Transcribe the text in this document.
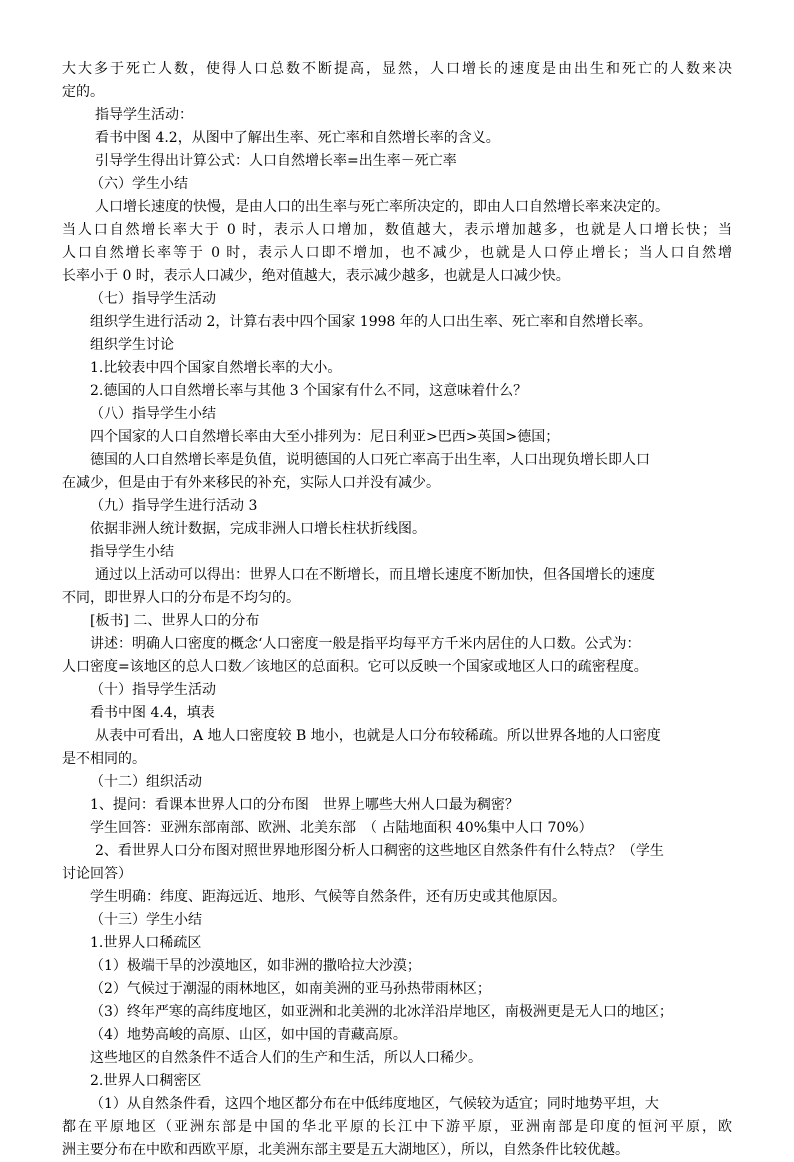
大大多于死亡人数，使得人口总数不断提高，显然，人口增长的速度是由出生和死亡的人数来决
定的。
指导学生活动：
看书中图 4.2，从图中了解出生率、死亡率和自然增长率的含义。
引导学生得出计算公式：人口自然增长率=出生率－死亡率
（六）学生小结
人口增长速度的快慢，是由人口的出生率与死亡率所决定的，即由人口自然增长率来决定的。
当人口自然增长率大于 0 时，表示人口增加，数值越大，表示增加越多，也就是人口增长快；当
人口自然增长率等于 0 时，表示人口即不增加，也不减少，也就是人口停止增长；当人口自然增
长率小于 0 时，表示人口减少，绝对值越大，表示减少越多，也就是人口减少快。
（七）指导学生活动
组织学生进行活动 2，计算右表中四个国家 1998 年的人口出生率、死亡率和自然增长率。
组织学生讨论
1.比较表中四个国家自然增长率的大小。
2.德国的人口自然增长率与其他 3 个国家有什么不同，这意味着什么？
（八）指导学生小结
四个国家的人口自然增长率由大至小排列为：尼日利亚>巴西>英国>德国；
德国的人口自然增长率是负值，说明德国的人口死亡率高于出生率，人口出现负增长即人口
在减少，但是由于有外来移民的补充，实际人口并没有减少。
（九）指导学生进行活动 3
依据非洲人统计数据，完成非洲人口增长柱状折线图。
指导学生小结
通过以上活动可以得出：世界人口在不断增长，而且增长速度不断加快，但各国增长的速度
不同，即世界人口的分布是不均匀的。
[板书] 二、世界人口的分布
讲述：明确人口密度的概念‘人口密度一般是指平均每平方千米内居住的人口数。公式为：
人口密度=该地区的总人口数／该地区的总面积。它可以反映一个国家或地区人口的疏密程度。
（十）指导学生活动
看书中图 4.4，填表
从表中可看出，A 地人口密度较 B 地小，也就是人口分布较稀疏。所以世界各地的人口密度
是不相同的。
（十二）组织活动
1、提问：看课本世界人口的分布图　世界上哪些大州人口最为稠密？
学生回答：亚洲东部南部、欧洲、北美东部　（ 占陆地面积 40%集中人口 70%）
2、看世界人口分布图对照世界地形图分析人口稠密的这些地区自然条件有什么特点？（学生
讨论回答）
学生明确：纬度、距海远近、地形、气候等自然条件，还有历史或其他原因。
（十三）学生小结
1.世界人口稀疏区
（1）极端干旱的沙漠地区，如非洲的撒哈拉大沙漠；
（2）气候过于潮湿的雨林地区，如南美洲的亚马孙热带雨林区；
（3）终年严寒的高纬度地区，如亚洲和北美洲的北冰洋沿岸地区，南极洲更是无人口的地区；
（4）地势高峻的高原、山区，如中国的青藏高原。
这些地区的自然条件不适合人们的生产和生活，所以人口稀少。
2.世界人口稠密区
（1）从自然条件看，这四个地区都分布在中低纬度地区，气候较为适宜；同时地势平坦，大
都在平原地区（亚洲东部是中国的华北平原的长江中下游平原，亚洲南部是印度的恒河平原，欧
洲主要分布在中欧和西欧平原，北美洲东部主要是五大湖地区），所以，自然条件比较优越。
